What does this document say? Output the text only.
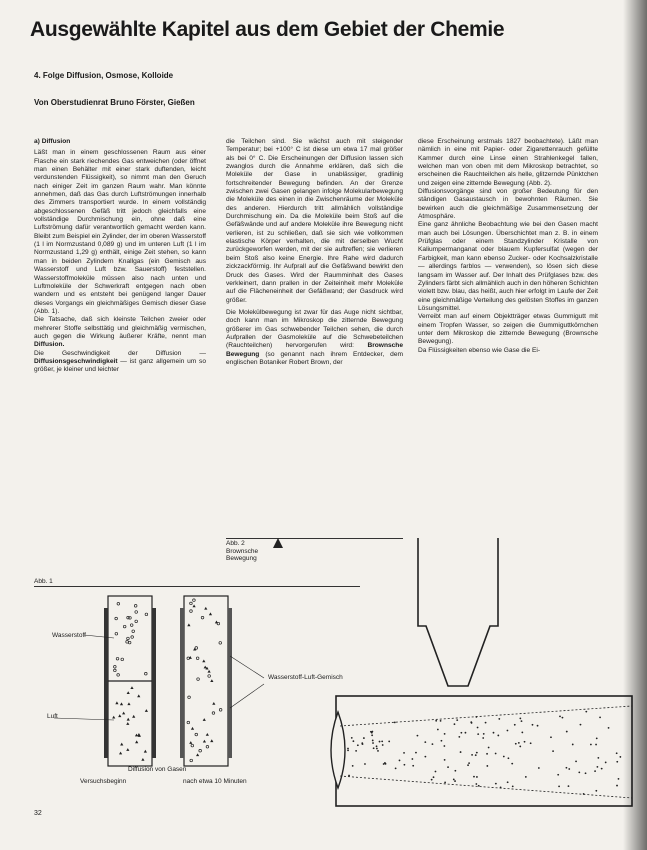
Ausgewählte Kapitel aus dem Gebiet der Chemie
4. Folge Diffusion, Osmose, Kolloide
Von Oberstudienrat Bruno Förster, Gießen

a) Diffusion

Läßt man in einem geschlossenen Raum aus einer Flasche ein stark riechendes Gas entweichen (oder öffnet man einen Behälter mit einer stark duftenden, leicht verdunstenden Flüssigkeit), so nimmt man den Geruch nach einiger Zeit im ganzen Raum wahr. Man könnte annehmen, daß das Gas durch Luftströmungen innerhalb des Zimmers transportiert wurde. In einem vollständig abgeschlossenen Gefäß tritt jedoch gleichfalls eine vollständige Durchmischung ein, ohne daß eine Luftströmung dafür verantwortlich gemacht werden kann. Bleibt zum Beispiel ein Zylinder, der im oberen Wasserstoff (1 l im Normzustand 0,089 g) und im unteren Luft (1 l im Normzustand 1,29 g) enthält, einige Zeit stehen, so kann man in beiden Zylindern Knallgas (ein Gemisch aus Wasserstoff und Luft bzw. Sauerstoff) feststellen. Wasserstoffmoleküle müssen also nach unten und Luftmoleküle der Schwerkraft entgegen nach oben wandern und es entsteht bei genügend langer Dauer dieses Vorgangs ein gleichmäßiges Gemisch dieser Gase (Abb. 1).

Die Tatsache, daß sich kleinste Teilchen zweier oder mehrerer Stoffe selbsttätig und gleichmäßig vermischen, auch gegen die Wirkung äußerer Kräfte, nennt man Diffusion.

Die Geschwindigkeit der Diffusion — Diffusionsgeschwindigkeit — ist ganz allgemein um so größer, je kleiner und leichter

die Teilchen sind. Sie wächst auch mit steigender Temperatur; bei +100° C ist diese um etwa 17 mal größer als bei 0° C. Die Erscheinungen der Diffusion lassen sich zwanglos durch die Annahme erklären, daß sich die Moleküle der Gase in unablässiger, gradlinig fortschreitender Bewegung befinden. An der Grenze zwischen zwei Gasen gelangen infolge Molekularbewegung die Moleküle des einen in die Zwischenräume der Moleküle des anderen. Hierdurch tritt allmählich vollständige Durchmischung ein. Da die Moleküle beim Stoß auf die Gefäßwände und auf andere Moleküle ihre Bewegung nicht verlieren, ist zu schließen, daß sie sich wie vollkommen elastische Körper verhalten, die mit derselben Wucht zurückgeworfen werden, mit der sie auftreffen; sie verlieren beim Stoß also keine Energie. Ihre Rahe wird dadurch zickzackförmig. Ihr Aufprall auf die Gefäßwand bewirkt den Druck des Gases. Wird der Raumminhalt des Gases verkleinert, dann prallen in der Zeiteinheit mehr Moleküle auf die Flächeneinheit der Gefäßwand; der Gasdruck wird größer.

Die Molekülbewegung ist zwar für das Auge nicht sichtbar, doch kann man im Mikroskop die zitternde Bewegung größerer im Gas schwebender Teilchen sehen, die durch Aufprallen der Gasmoleküle auf die Schwebeteilchen (Rauchteilchen) hervorgerufen wird: Brownsche Bewegung (so genannt nach ihrem Entdecker, dem englischen Botaniker Robert Brown, der

diese Erscheinung erstmals 1827 beobachtete). Läßt man nämlich in eine mit Papier- oder Zigarettenrauch gefüllte Kammer durch eine Linse einen Strahlenkegel fallen, welchen man von oben mit dem Mikroskop betrachtet, so erscheinen die Rauchteilchen als helle, glitzernde Pünktchen und zeigen eine zitternde Bewegung (Abb. 2).

Diffusionsvorgänge sind von großer Bedeutung für den ständigen Gasaustausch in bewohnten Räumen. Sie bewirken auch die gleichmäßige Zusammensetzung der Atmosphäre.

Eine ganz ähnliche Beobachtung wie bei den Gasen macht man auch bei Lösungen. Überschichtet man z. B. in einem Prüfglas oder einem Standzylinder Kristalle von Kaliumpermanganat oder blauem Kupfersulfat (wegen der Farbigkeit, man kann ebenso Zucker- oder Kochsalzkristalle — allerdings farblos — verwenden), so lösen sich diese langsam im Wasser auf. Der Inhalt des Prüfglases bzw. des Zylinders färbt sich allmählich auch in den höheren Schichten violett bzw. blau, das heißt, auch hier erfolgt im Laufe der Zeit eine gleichmäßige Verteilung des gelösten Stoffes im ganzen Lösungsmittel.

Verreibt man auf einem Objektträger etwas Gummigutt mit einem Tropfen Wasser, so zeigen die Gummiguttkörnchen unter dem Mikroskop die zitternde Bewegung (Brownsche Bewegung).

Da Flüssigkeiten ebenso wie Gase die Ei-

Abb. 1
Wasserstoff
Luft
Wasserstoff-Luft-Gemisch
Diffusion von Gasen
Versuchsbeginn	nach etwa 10 Minuten
Abb. 2 Brownsche Bewegung
32
